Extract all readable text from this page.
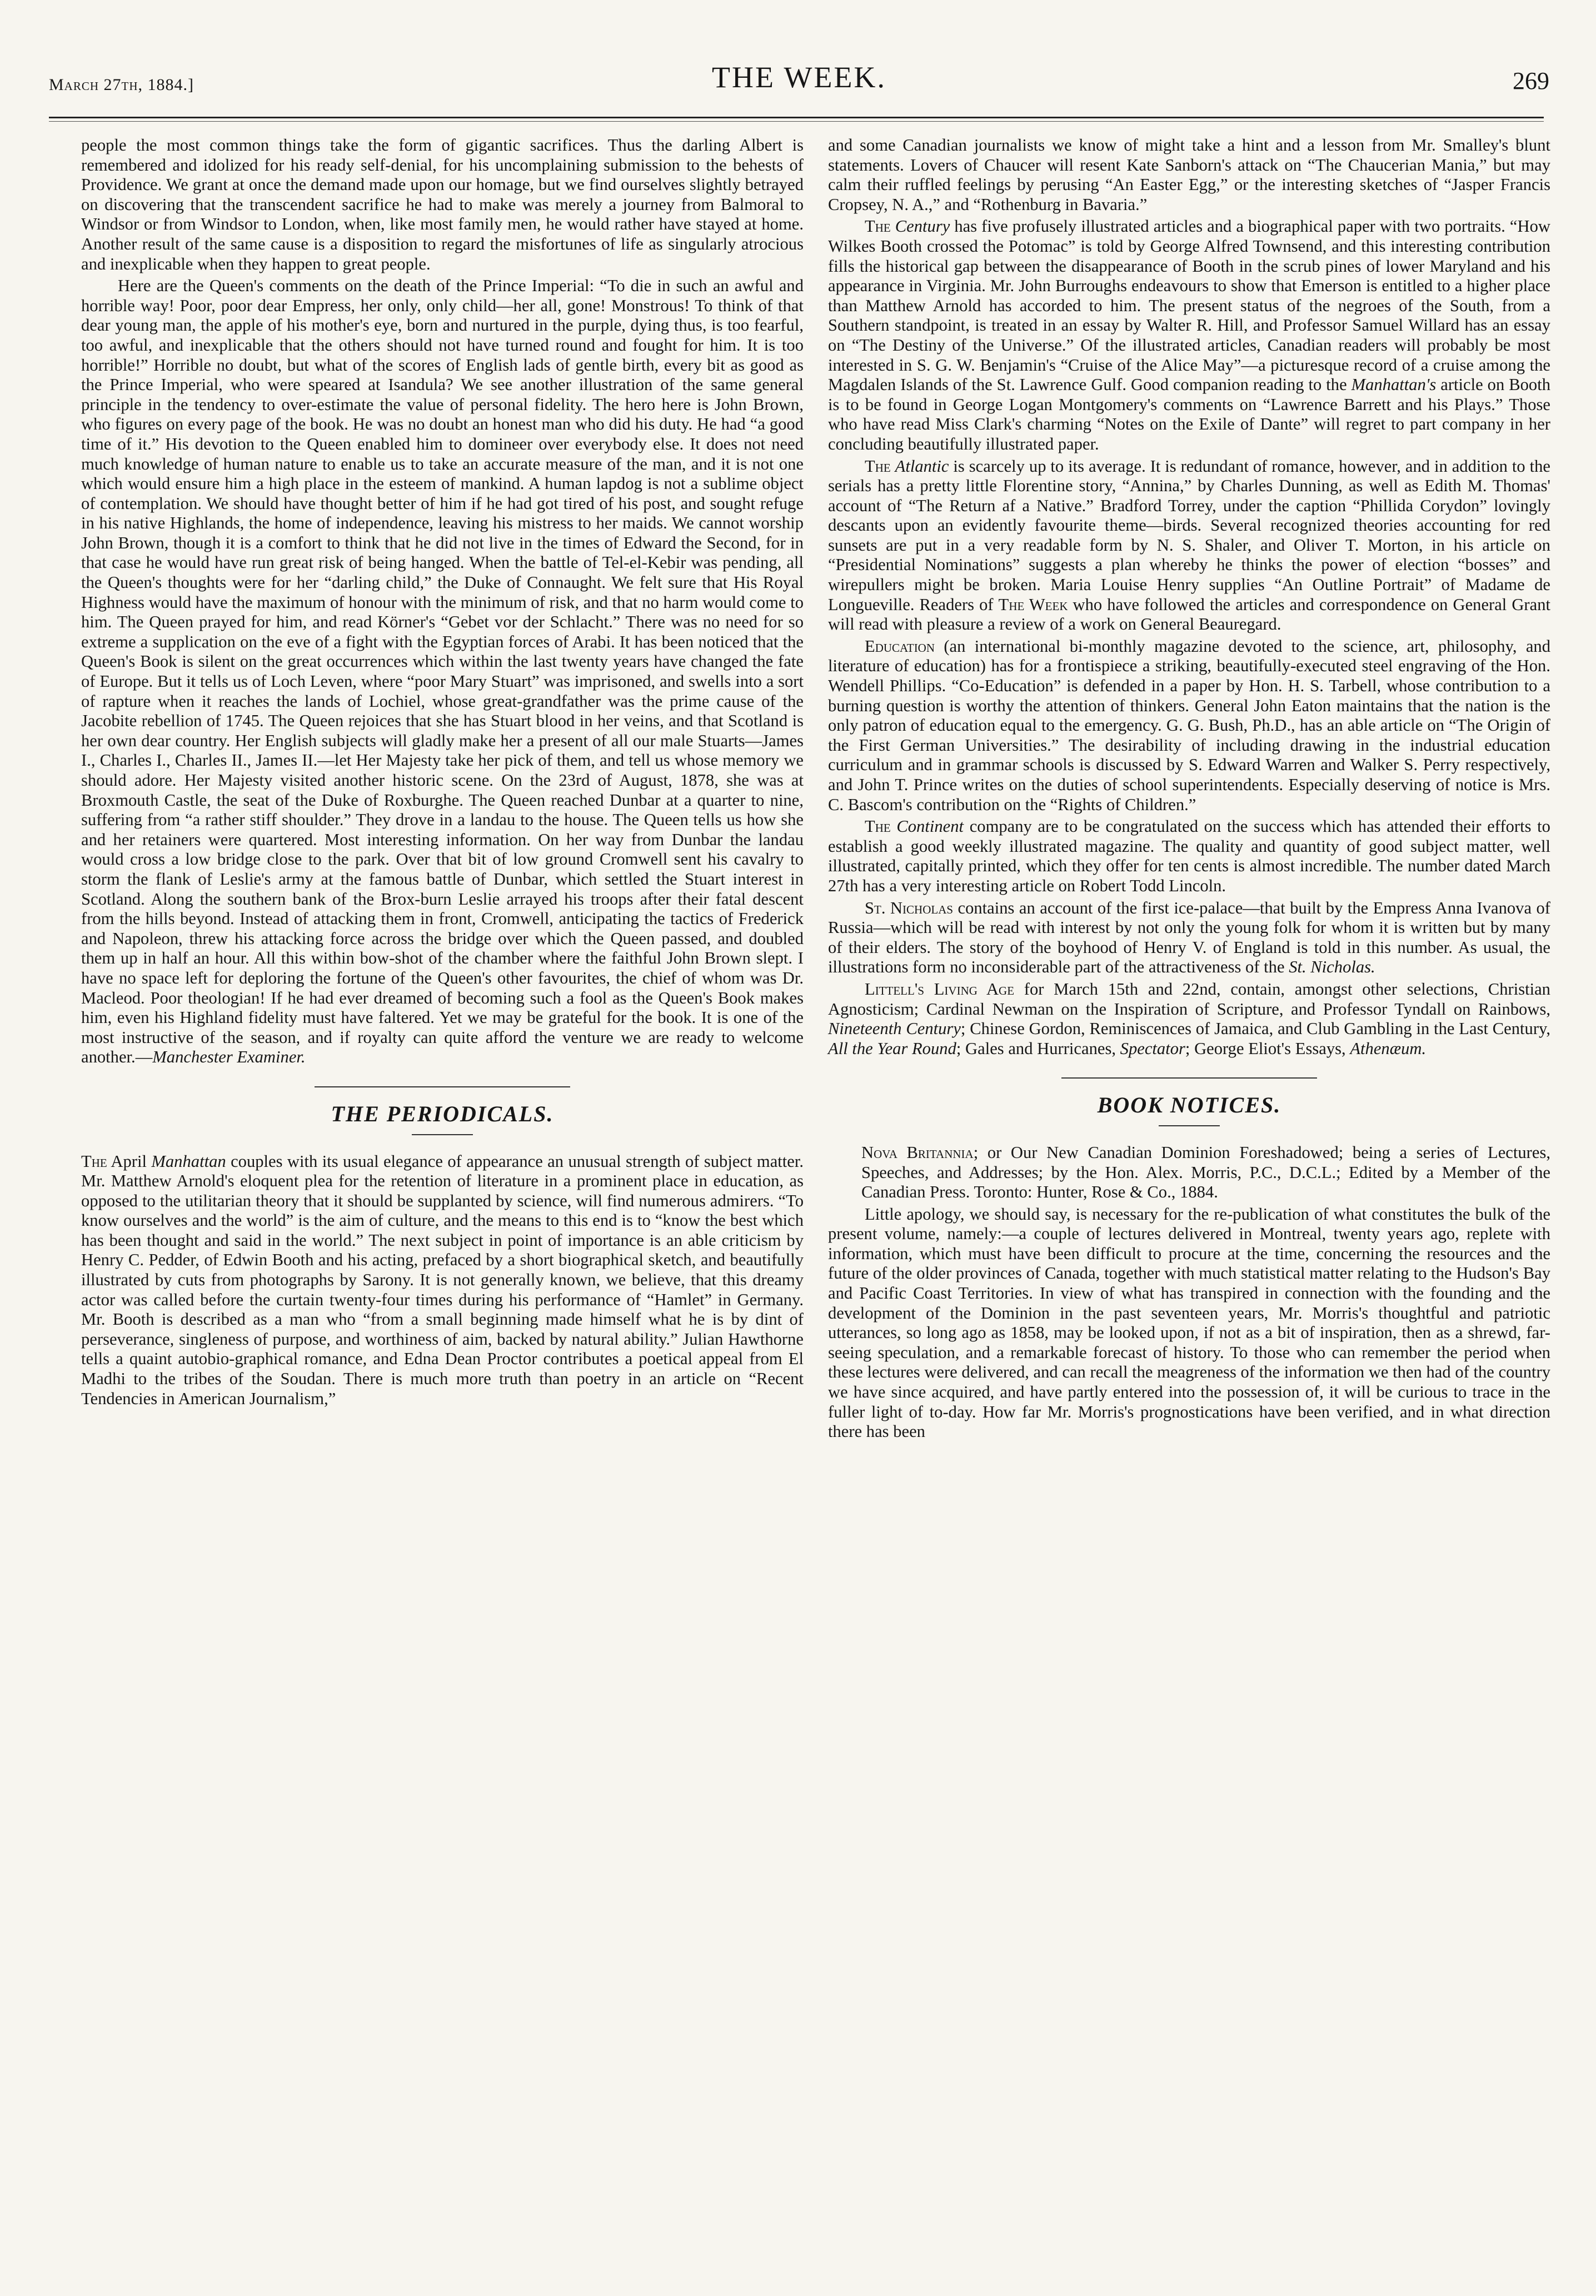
March 27th, 1884.]	THE WEEK.	269

people the most common things take the form of gigantic sacrifices. Thus the darling Albert is remembered and idolized for his ready self-denial, for his uncomplaining submission to the behests of Providence. We grant at once the demand made upon our homage, but we find ourselves slightly betrayed on discovering that the transcendent sacrifice he had to make was merely a journey from Balmoral to Windsor or from Windsor to London, when, like most family men, he would rather have stayed at home. Another result of the same cause is a disposition to regard the misfortunes of life as singularly atrocious and inexplicable when they happen to great people.

Here are the Queen's comments on the death of the Prince Imperial: “To die in such an awful and horrible way! Poor, poor dear Empress, her only, only child—her all, gone! Monstrous! To think of that dear young man, the apple of his mother's eye, born and nurtured in the purple, dying thus, is too fearful, too awful, and inexplicable that the others should not have turned round and fought for him. It is too horrible!” Horrible no doubt, but what of the scores of English lads of gentle birth, every bit as good as the Prince Imperial, who were speared at Isandula? We see another illustration of the same general principle in the tendency to over-estimate the value of personal fidelity. The hero here is John Brown, who figures on every page of the book. He was no doubt an honest man who did his duty. He had “a good time of it.” His devotion to the Queen enabled him to domineer over everybody else. It does not need much knowledge of human nature to enable us to take an accurate measure of the man, and it is not one which would ensure him a high place in the esteem of mankind. A human lapdog is not a sublime object of contemplation. We should have thought better of him if he had got tired of his post, and sought refuge in his native Highlands, the home of independence, leaving his mistress to her maids. We cannot worship John Brown, though it is a comfort to think that he did not live in the times of Edward the Second, for in that case he would have run great risk of being hanged. When the battle of Tel-el-Kebir was pending, all the Queen's thoughts were for her “darling child,” the Duke of Connaught. We felt sure that His Royal Highness would have the maximum of honour with the minimum of risk, and that no harm would come to him. The Queen prayed for him, and read Körner's “Gebet vor der Schlacht.” There was no need for so extreme a supplication on the eve of a fight with the Egyptian forces of Arabi. It has been noticed that the Queen's Book is silent on the great occurrences which within the last twenty years have changed the fate of Europe. But it tells us of Loch Leven, where “poor Mary Stuart” was imprisoned, and swells into a sort of rapture when it reaches the lands of Lochiel, whose great-grandfather was the prime cause of the Jacobite rebellion of 1745. The Queen rejoices that she has Stuart blood in her veins, and that Scotland is her own dear country. Her English subjects will gladly make her a present of all our male Stuarts—James I., Charles I., Charles II., James II.—let Her Majesty take her pick of them, and tell us whose memory we should adore. Her Majesty visited another historic scene. On the 23rd of August, 1878, she was at Broxmouth Castle, the seat of the Duke of Roxburghe. The Queen reached Dunbar at a quarter to nine, suffering from “a rather stiff shoulder.” They drove in a landau to the house. The Queen tells us how she and her retainers were quartered. Most interesting information. On her way from Dunbar the landau would cross a low bridge close to the park. Over that bit of low ground Cromwell sent his cavalry to storm the flank of Leslie's army at the famous battle of Dunbar, which settled the Stuart interest in Scotland. Along the southern bank of the Brox-burn Leslie arrayed his troops after their fatal descent from the hills beyond. Instead of attacking them in front, Cromwell, anticipating the tactics of Frederick and Napoleon, threw his attacking force across the bridge over which the Queen passed, and doubled them up in half an hour. All this within bow-shot of the chamber where the faithful John Brown slept. I have no space left for deploring the fortune of the Queen's other favourites, the chief of whom was Dr. Macleod. Poor theologian! If he had ever dreamed of becoming such a fool as the Queen's Book makes him, even his Highland fidelity must have faltered. Yet we may be grateful for the book. It is one of the most instructive of the season, and if royalty can quite afford the venture we are ready to welcome another.—Manchester Examiner.

THE PERIODICALS.

The April Manhattan couples with its usual elegance of appearance an unusual strength of subject matter. Mr. Matthew Arnold's eloquent plea for the retention of literature in a prominent place in education, as opposed to the utilitarian theory that it should be supplanted by science, will find numerous admirers. “To know ourselves and the world” is the aim of culture, and the means to this end is to “know the best which has been thought and said in the world.” The next subject in point of importance is an able criticism by Henry C. Pedder, of Edwin Booth and his acting, prefaced by a short biographical sketch, and beautifully illustrated by cuts from photographs by Sarony. It is not generally known, we believe, that this dreamy actor was called before the curtain twenty-four times during his performance of “Hamlet” in Germany. Mr. Booth is described as a man who “from a small beginning made himself what he is by dint of perseverance, singleness of purpose, and worthiness of aim, backed by natural ability.” Julian Hawthorne tells a quaint autobio-graphical romance, and Edna Dean Proctor contributes a poetical appeal from El Madhi to the tribes of the Soudan. There is much more truth than poetry in an article on “Recent Tendencies in American Journalism,”

and some Canadian journalists we know of might take a hint and a lesson from Mr. Smalley's blunt statements. Lovers of Chaucer will resent Kate Sanborn's attack on “The Chaucerian Mania,” but may calm their ruffled feelings by perusing “An Easter Egg,” or the interesting sketches of “Jasper Francis Cropsey, N. A.,” and “Rothenburg in Bavaria.”

The Century has five profusely illustrated articles and a biographical paper with two portraits. “How Wilkes Booth crossed the Potomac” is told by George Alfred Townsend, and this interesting contribution fills the historical gap between the disappearance of Booth in the scrub pines of lower Maryland and his appearance in Virginia. Mr. John Burroughs endeavours to show that Emerson is entitled to a higher place than Matthew Arnold has accorded to him. The present status of the negroes of the South, from a Southern standpoint, is treated in an essay by Walter R. Hill, and Professor Samuel Willard has an essay on “The Destiny of the Universe.” Of the illustrated articles, Canadian readers will probably be most interested in S. G. W. Benjamin's “Cruise of the Alice May”—a picturesque record of a cruise among the Magdalen Islands of the St. Lawrence Gulf. Good companion reading to the Manhattan's article on Booth is to be found in George Logan Montgomery's comments on “Lawrence Barrett and his Plays.” Those who have read Miss Clark's charming “Notes on the Exile of Dante” will regret to part company in her concluding beautifully illustrated paper.

The Atlantic is scarcely up to its average. It is redundant of romance, however, and in addition to the serials has a pretty little Florentine story, “Annina,” by Charles Dunning, as well as Edith M. Thomas' account of “The Return af a Native.” Bradford Torrey, under the caption “Phillida Corydon” lovingly descants upon an evidently favourite theme—birds. Several recognized theories accounting for red sunsets are put in a very readable form by N. S. Shaler, and Oliver T. Morton, in his article on “Presidential Nominations” suggests a plan whereby he thinks the power of election “bosses” and wirepullers might be broken. Maria Louise Henry supplies “An Outline Portrait” of Madame de Longueville. Readers of The Week who have followed the articles and correspondence on General Grant will read with pleasure a review of a work on General Beauregard.

Education (an international bi-monthly magazine devoted to the science, art, philosophy, and literature of education) has for a frontispiece a striking, beautifully-executed steel engraving of the Hon. Wendell Phillips. “Co-Education” is defended in a paper by Hon. H. S. Tarbell, whose contribution to a burning question is worthy the attention of thinkers. General John Eaton maintains that the nation is the only patron of education equal to the emergency. G. G. Bush, Ph.D., has an able article on “The Origin of the First German Universities.” The desirability of including drawing in the industrial education curriculum and in grammar schools is discussed by S. Edward Warren and Walker S. Perry respectively, and John T. Prince writes on the duties of school superintendents. Especially deserving of notice is Mrs. C. Bascom's contribution on the “Rights of Children.”

The Continent company are to be congratulated on the success which has attended their efforts to establish a good weekly illustrated magazine. The quality and quantity of good subject matter, well illustrated, capitally printed, which they offer for ten cents is almost incredible. The number dated March 27th has a very interesting article on Robert Todd Lincoln.

St. Nicholas contains an account of the first ice-palace—that built by the Empress Anna Ivanova of Russia—which will be read with interest by not only the young folk for whom it is written but by many of their elders. The story of the boyhood of Henry V. of England is told in this number. As usual, the illustrations form no inconsiderable part of the attractiveness of the St. Nicholas.

Littell's Living Age for March 15th and 22nd, contain, amongst other selections, Christian Agnosticism; Cardinal Newman on the Inspiration of Scripture, and Professor Tyndall on Rainbows, Nineteenth Century; Chinese Gordon, Reminiscences of Jamaica, and Club Gambling in the Last Century, All the Year Round; Gales and Hurricanes, Spectator; George Eliot's Essays, Athenæum.

BOOK NOTICES.

Nova Britannia; or Our New Canadian Dominion Foreshadowed; being a series of Lectures, Speeches, and Addresses; by the Hon. Alex. Morris, P.C., D.C.L.; Edited by a Member of the Canadian Press. Toronto: Hunter, Rose & Co., 1884.

Little apology, we should say, is necessary for the re-publication of what constitutes the bulk of the present volume, namely:—a couple of lectures delivered in Montreal, twenty years ago, replete with information, which must have been difficult to procure at the time, concerning the resources and the future of the older provinces of Canada, together with much statistical matter relating to the Hudson's Bay and Pacific Coast Territories. In view of what has transpired in connection with the founding and the development of the Dominion in the past seventeen years, Mr. Morris's thoughtful and patriotic utterances, so long ago as 1858, may be looked upon, if not as a bit of inspiration, then as a shrewd, far-seeing speculation, and a remarkable forecast of history. To those who can remember the period when these lectures were delivered, and can recall the meagreness of the information we then had of the country we have since acquired, and have partly entered into the possession of, it will be curious to trace in the fuller light of to-day. How far Mr. Morris's prognostications have been verified, and in what direction there has been
